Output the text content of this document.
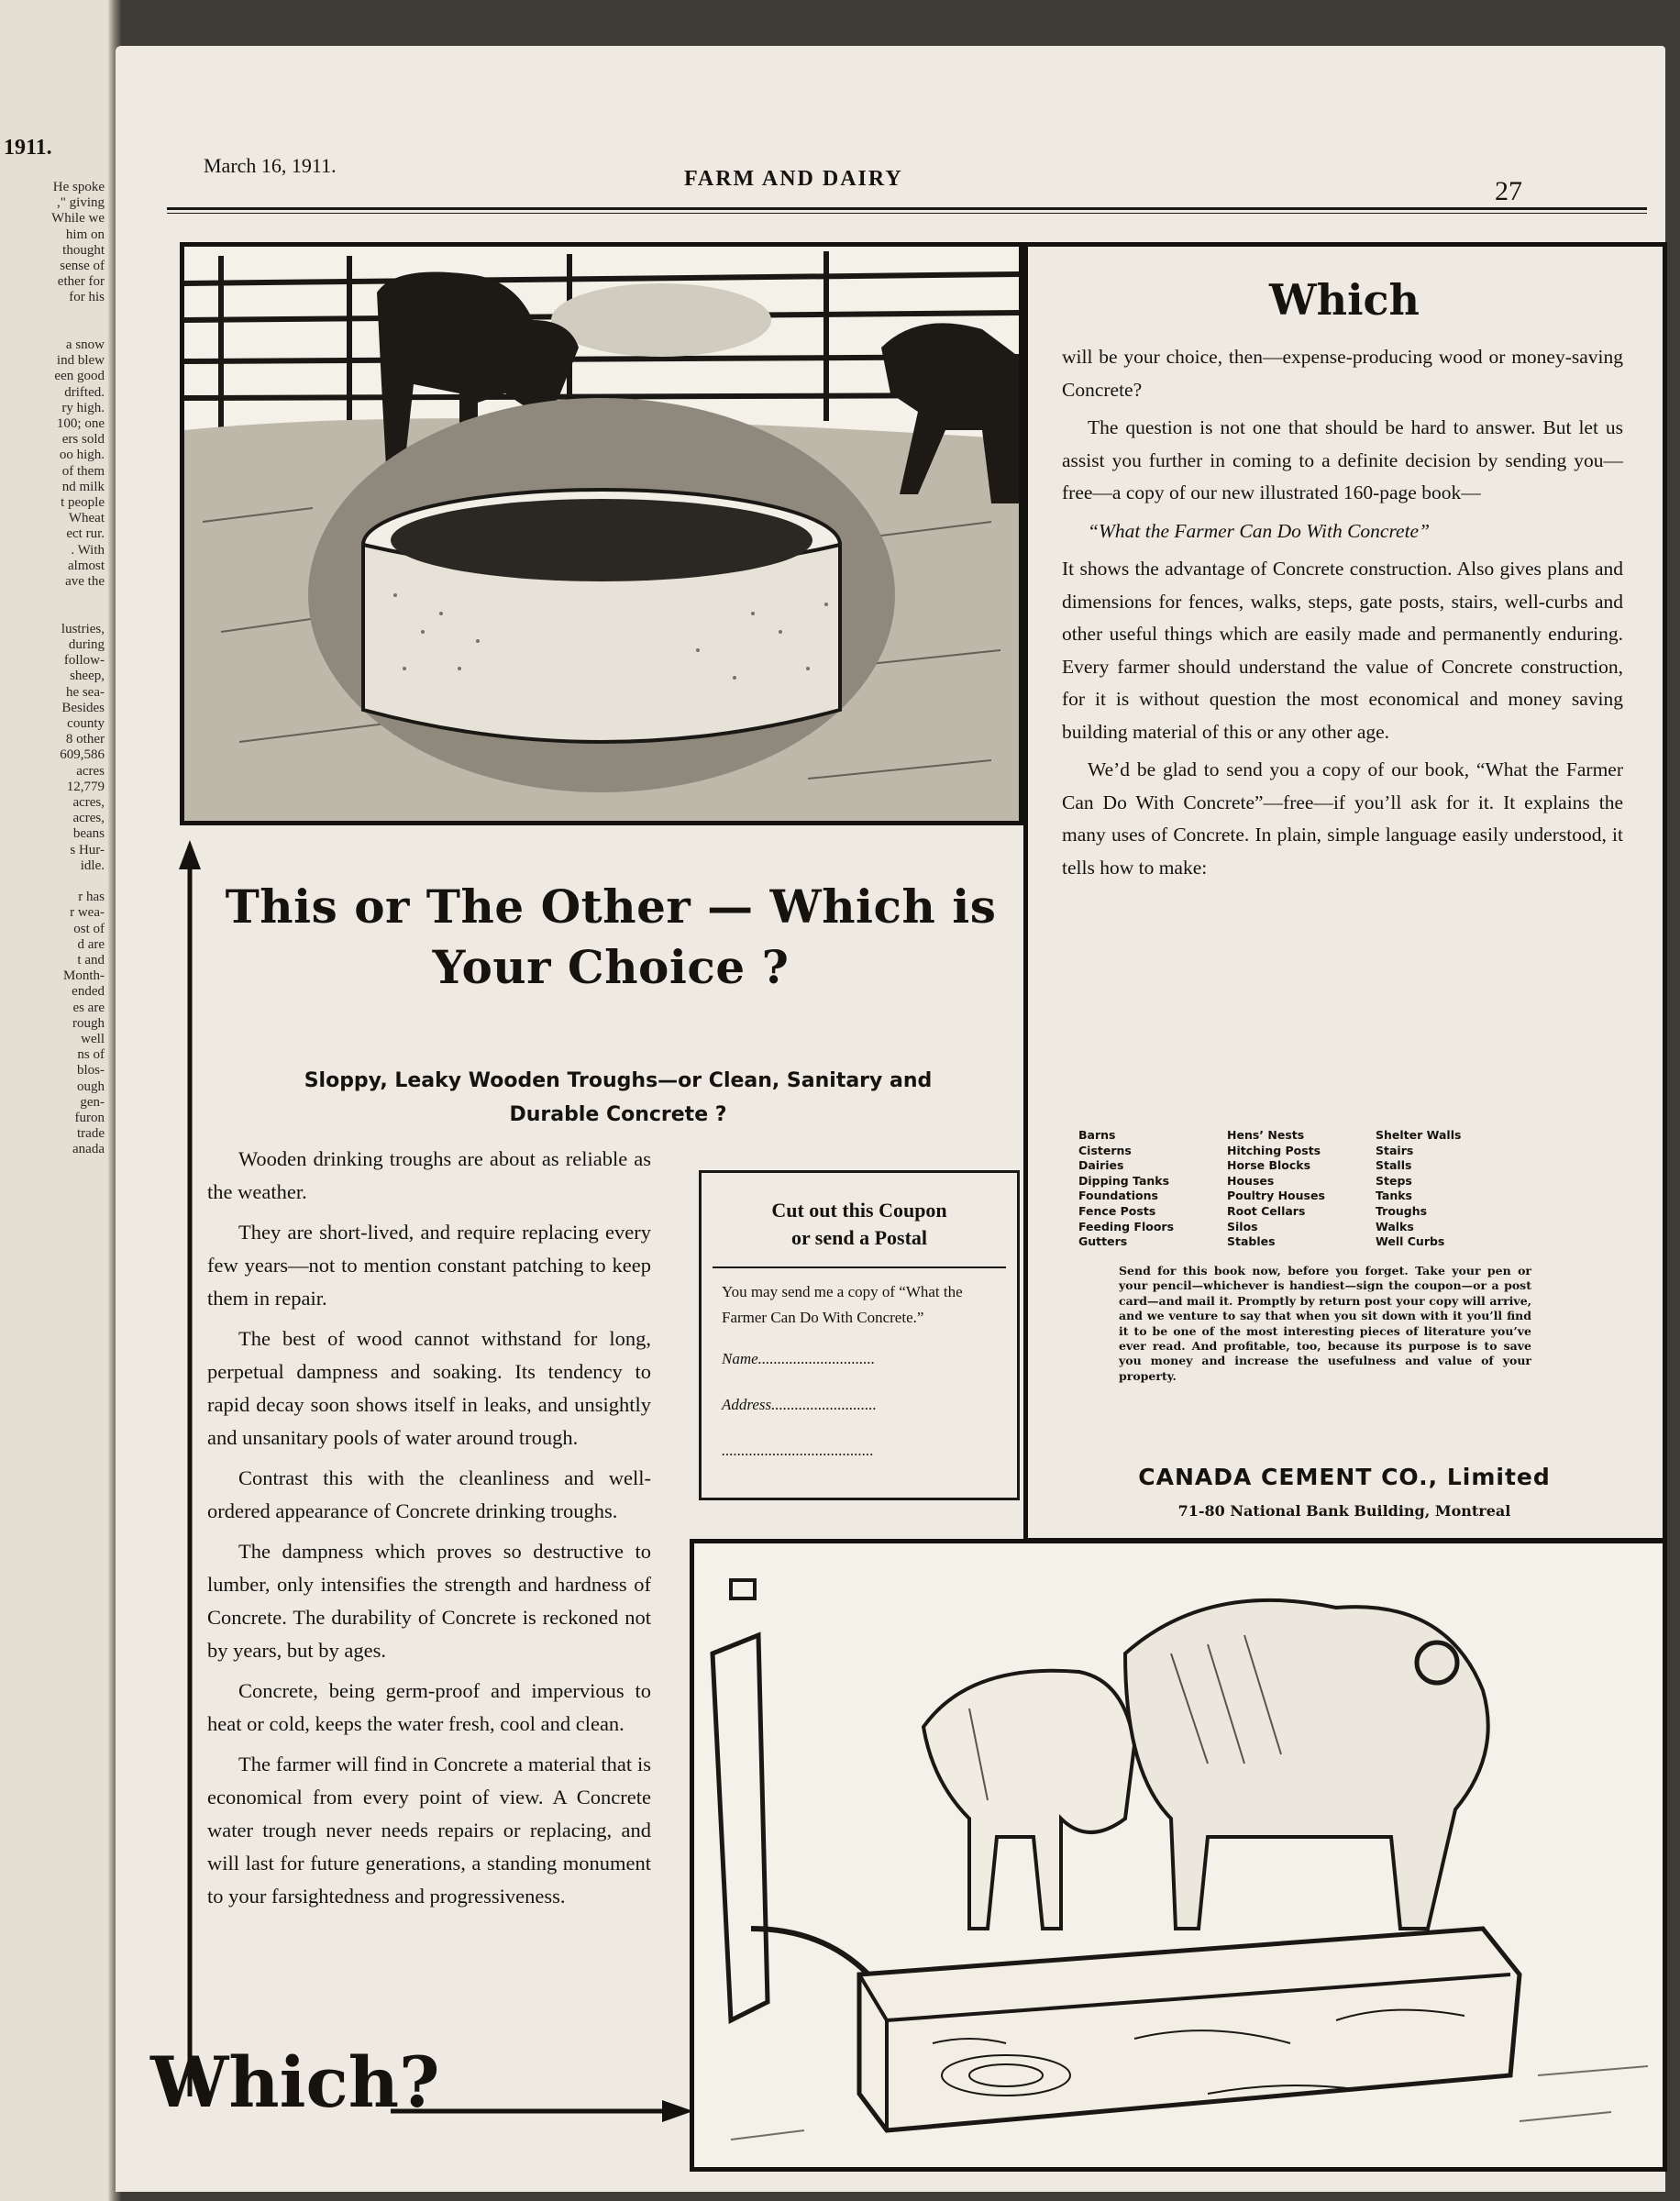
1911.
He spoke
," giving
While we
him on
thought
sense of
ether for
for his

a snow
ind blew
een good
drifted.
ry high.
100; one
ers sold
oo high.
of them
nd milk
t people
Wheat
ect rur.
. With
almost
ave the

lustries,
during
follow-
sheep,
he sea-
Besides
county
8 other
609,586
acres
12,779
acres,
acres,
beans
s Hur-
idle.

r has
r wea-
ost of
d are
t and
Month-
ended
es are
rough
well
ns of
blos-
ough
gen-
furon
trade
anada
March 16, 1911.
FARM AND DAIRY	27
This or The Other — Which is
Your Choice ?
Sloppy, Leaky Wooden Troughs—or Clean, Sanitary and
Durable Concrete ?

Wooden drinking troughs are about as reliable as the weather.

They are short-lived, and require replacing every few years—not to mention constant patching to keep them in repair.

The best of wood cannot withstand for long, perpetual dampness and soaking. Its tendency to rapid decay soon shows itself in leaks, and unsightly and unsanitary pools of water around trough.

Contrast this with the cleanliness and well-ordered appearance of Concrete drinking troughs.

The dampness which proves so destructive to lumber, only intensifies the strength and hardness of Concrete. The durability of Concrete is reckoned not by years, but by ages.

Concrete, being germ-proof and impervious to heat or cold, keeps the water fresh, cool and clean.

The farmer will find in Concrete a material that is economical from every point of view. A Concrete water trough never needs repairs or replacing, and will last for future generations, a standing monument to your farsightedness and progressiveness.

Cut out this Coupon
or send a Postal
You may send me a copy of “What the Farmer Can Do With Concrete.”
Name..............................
Address...........................
.......................................
Which

will be your choice, then—expense-producing wood or money-saving Concrete?

The question is not one that should be hard to answer. But let us assist you further in coming to a definite decision by sending you—free—a copy of our new illustrated 160-page book—

“What the Farmer Can Do With Concrete”

It shows the advantage of Concrete construction. Also gives plans and dimensions for fences, walks, steps, gate posts, stairs, well-curbs and other useful things which are easily made and permanently enduring. Every farmer should understand the value of Concrete construction, for it is without question the most economical and money saving building material of this or any other age.

We’d be glad to send you a copy of our book, “What the Farmer Can Do With Concrete”—free—if you’ll ask for it. It explains the many uses of Concrete. In plain, simple language easily understood, it tells how to make:

Barns
Cisterns
Dairies
Dipping Tanks
Foundations
Fence Posts
Feeding Floors
Gutters
Hens’ Nests
Hitching Posts
Horse Blocks
Houses
Poultry Houses
Root Cellars
Silos
Stables
Shelter Walls
Stairs
Stalls
Steps
Tanks
Troughs
Walks
Well Curbs
Send for this book now, before you forget. Take your pen or your pencil—whichever is handiest—sign the coupon—or a post card—and mail it. Promptly by return post your copy will arrive, and we venture to say that when you sit down with it you’ll find it to be one of the most interesting pieces of literature you’ve ever read. And profitable, too, because its purpose is to save you money and increase the usefulness and value of your property.
CANADA CEMENT CO., Limited
71-80 National Bank Building, Montreal
Which?
